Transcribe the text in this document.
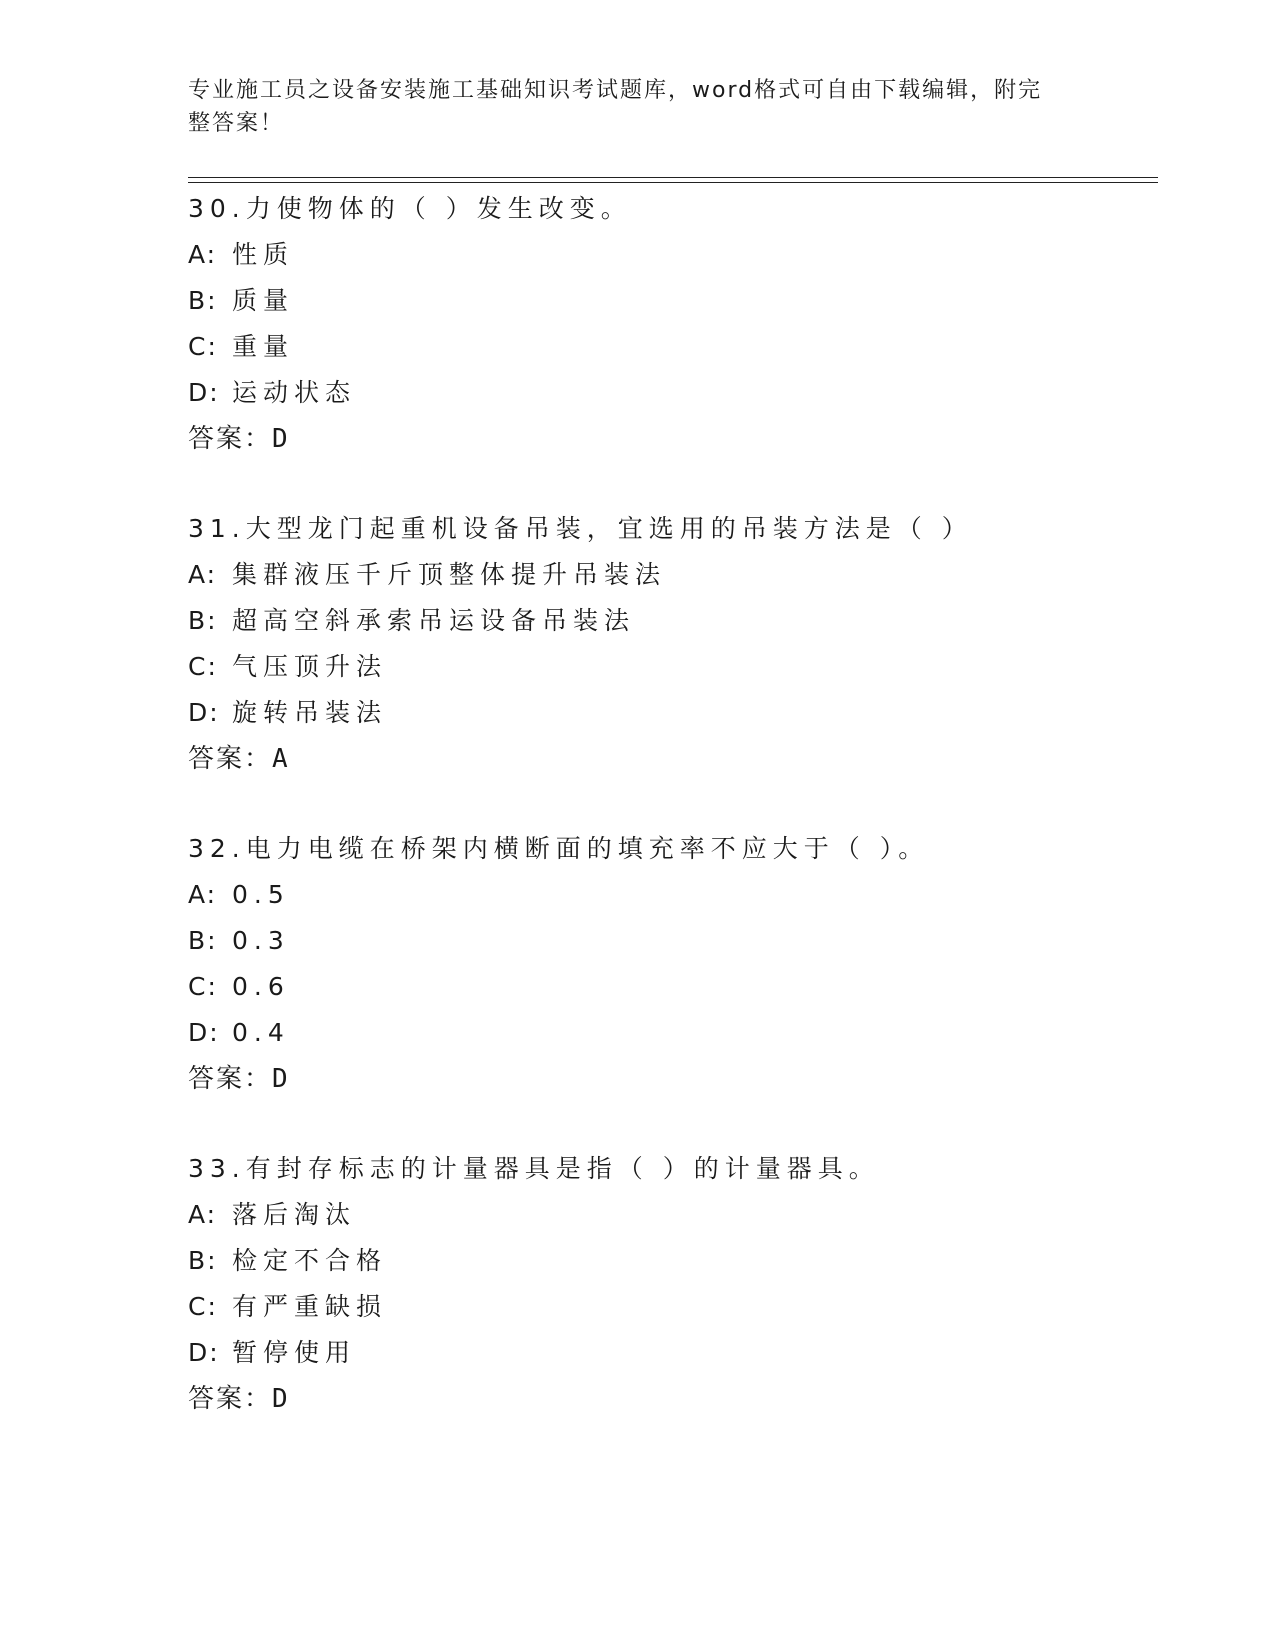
专业施工员之设备安装施工基础知识考试题库，word格式可自由下载编辑，附完
整答案！
30.力使物体的（ ）发生改变。
A: 性质
B: 质量
C: 重量
D: 运动状态
答案：D
31.大型龙门起重机设备吊装，宜选用的吊装方法是（ ）
A: 集群液压千斤顶整体提升吊装法
B: 超高空斜承索吊运设备吊装法
C: 气压顶升法
D: 旋转吊装法
答案：A
32.电力电缆在桥架内横断面的填充率不应大于（ ）。
A: 0.5
B: 0.3
C: 0.6
D: 0.4
答案：D
33.有封存标志的计量器具是指（ ）的计量器具。
A: 落后淘汰
B: 检定不合格
C: 有严重缺损
D: 暂停使用
答案：D
